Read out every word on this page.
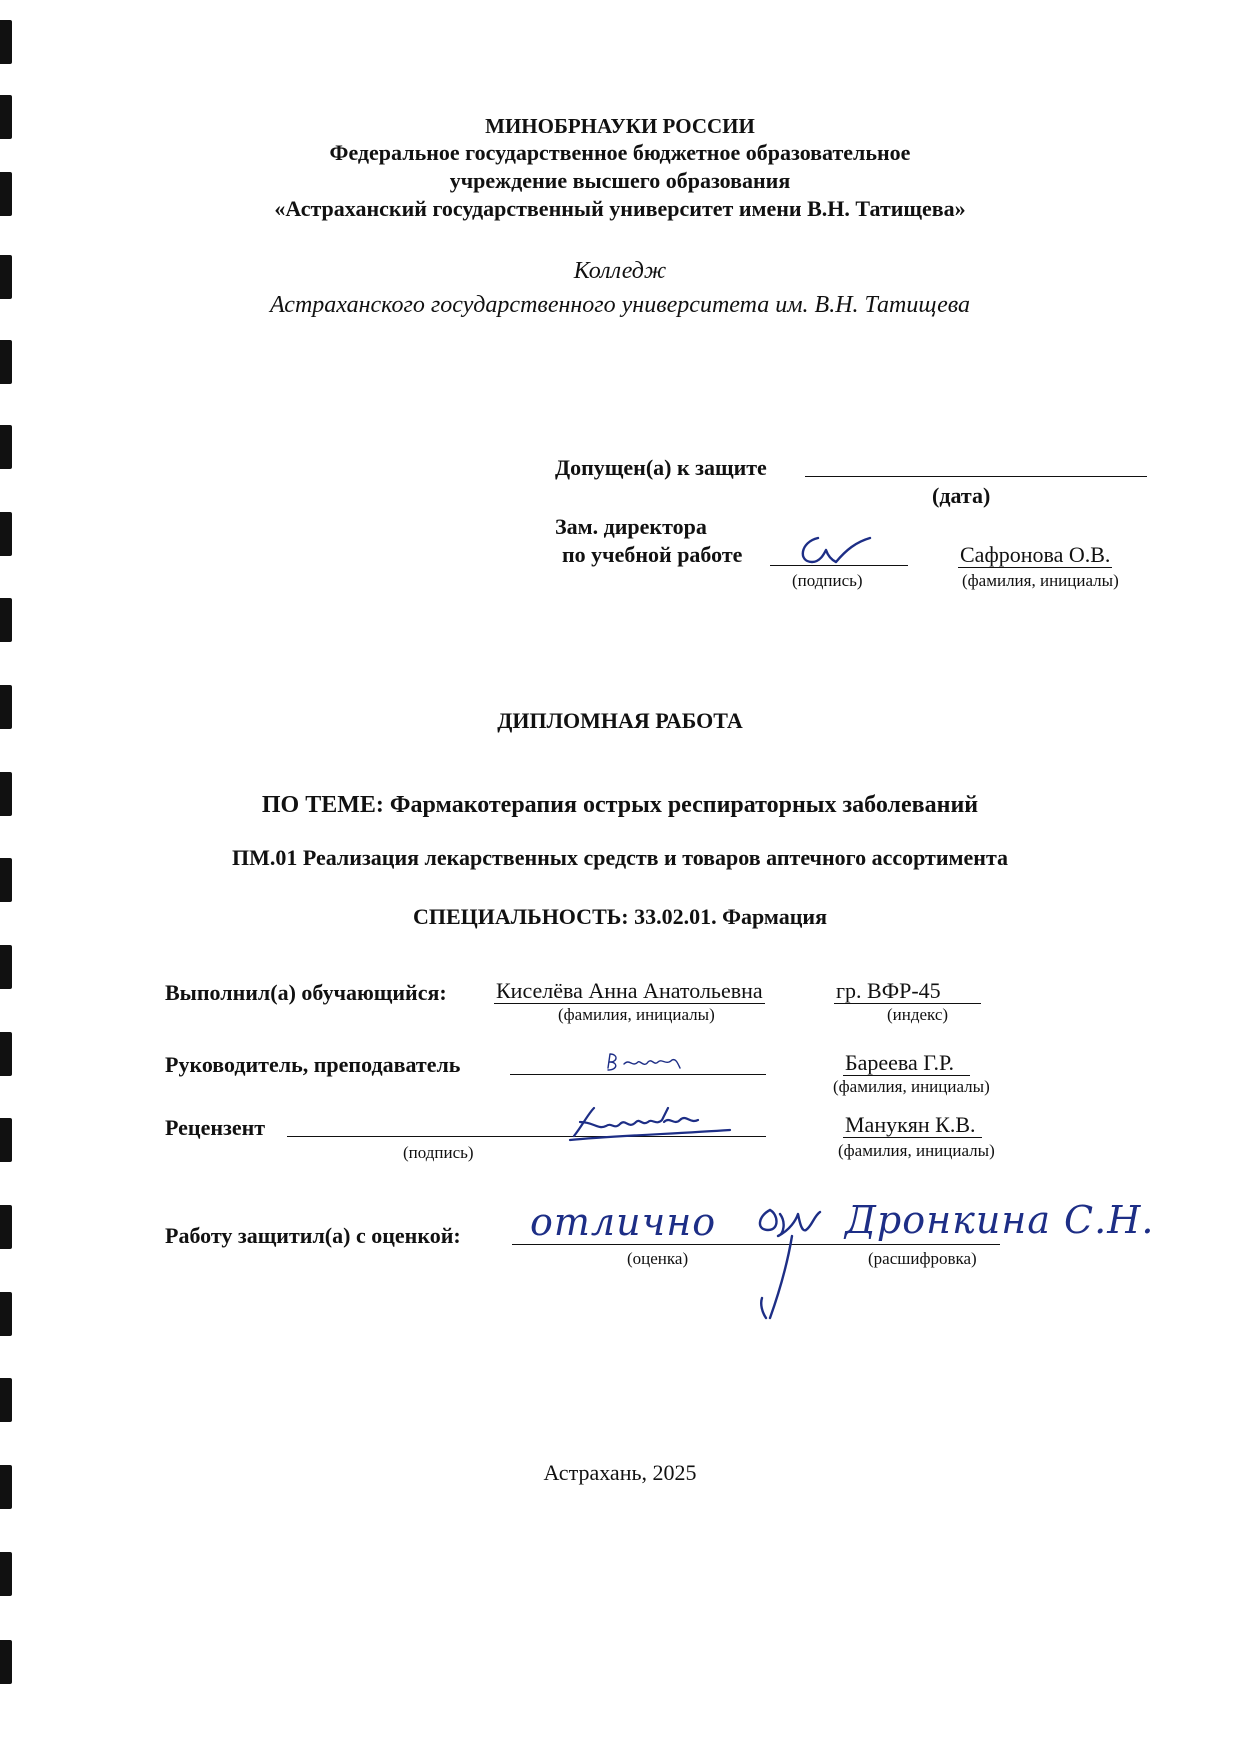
МИНОБРНАУКИ РОССИИ
Федеральное государственное бюджетное образовательное
учреждение высшего образования
«Астраханский государственный университет имени В.Н. Татищева»
Колледж
Астраханского государственного университета им. В.Н. Татищева
Допущен(а) к защите
(дата)
Зам. директора
по учебной работе
(подпись)
Сафронова О.В.
(фамилия, инициалы)
ДИПЛОМНАЯ РАБОТА
ПО ТЕМЕ: Фармакотерапия острых респираторных заболеваний
ПМ.01 Реализация лекарственных средств и товаров аптечного ассортимента
СПЕЦИАЛЬНОСТЬ: 33.02.01. Фармация
Выполнил(а) обучающийся: Киселёва Анна Анатольевна
(фамилия, инициалы)
гр. ВФР-45
(индекс)
Руководитель, преподаватель	Бареева Г.Р.
(фамилия, инициалы)
Рецензент
(подпись)
Манукян К.В.
(фамилия, инициалы)
Работу защитил(а) с оценкой: отлично
(оценка)
Дронкина С.Н.
(расшифровка)
Астрахань, 2025
